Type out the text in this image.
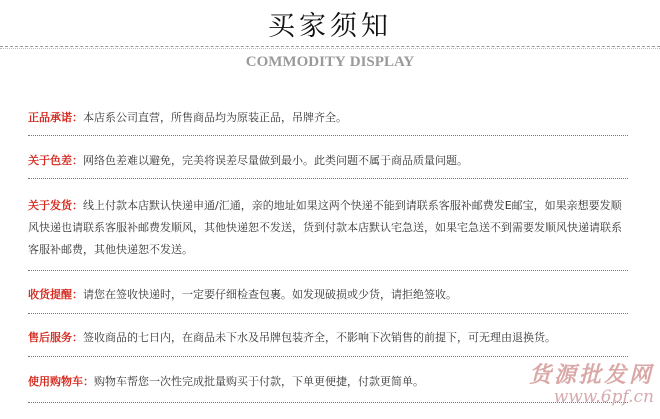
买家须知
COMMODITY DISPLAY
正品承诺：本店系公司直营，所售商品均为原装正品，吊牌齐全。
关于色差：网络色差难以避免，完美将误差尽量做到最小。此类问题不属于商品质量问题。
关于发货：线上付款本店默认快递申通/汇通，亲的地址如果这两个快递不能到请联系客服补邮费发E邮宝，如果亲想要发顺风快递也请联系客服补邮费发顺风，其他快递恕不发送，货到付款本店默认宅急送，如果宅急送不到需要发顺风快递请联系客服补邮费，其他快递恕不发送。
收货提醒：请您在签收快递时，一定要仔细检查包裹。如发现破损或少货，请拒绝签收。
售后服务：签收商品的七日内，在商品未下水及吊牌包装齐全，不影响下次销售的前提下，可无理由退换货。
使用购物车：购物车帮您一次性完成批量购买于付款，下单更便捷，付款更简单。	货源批发网
www.6pf.cn
